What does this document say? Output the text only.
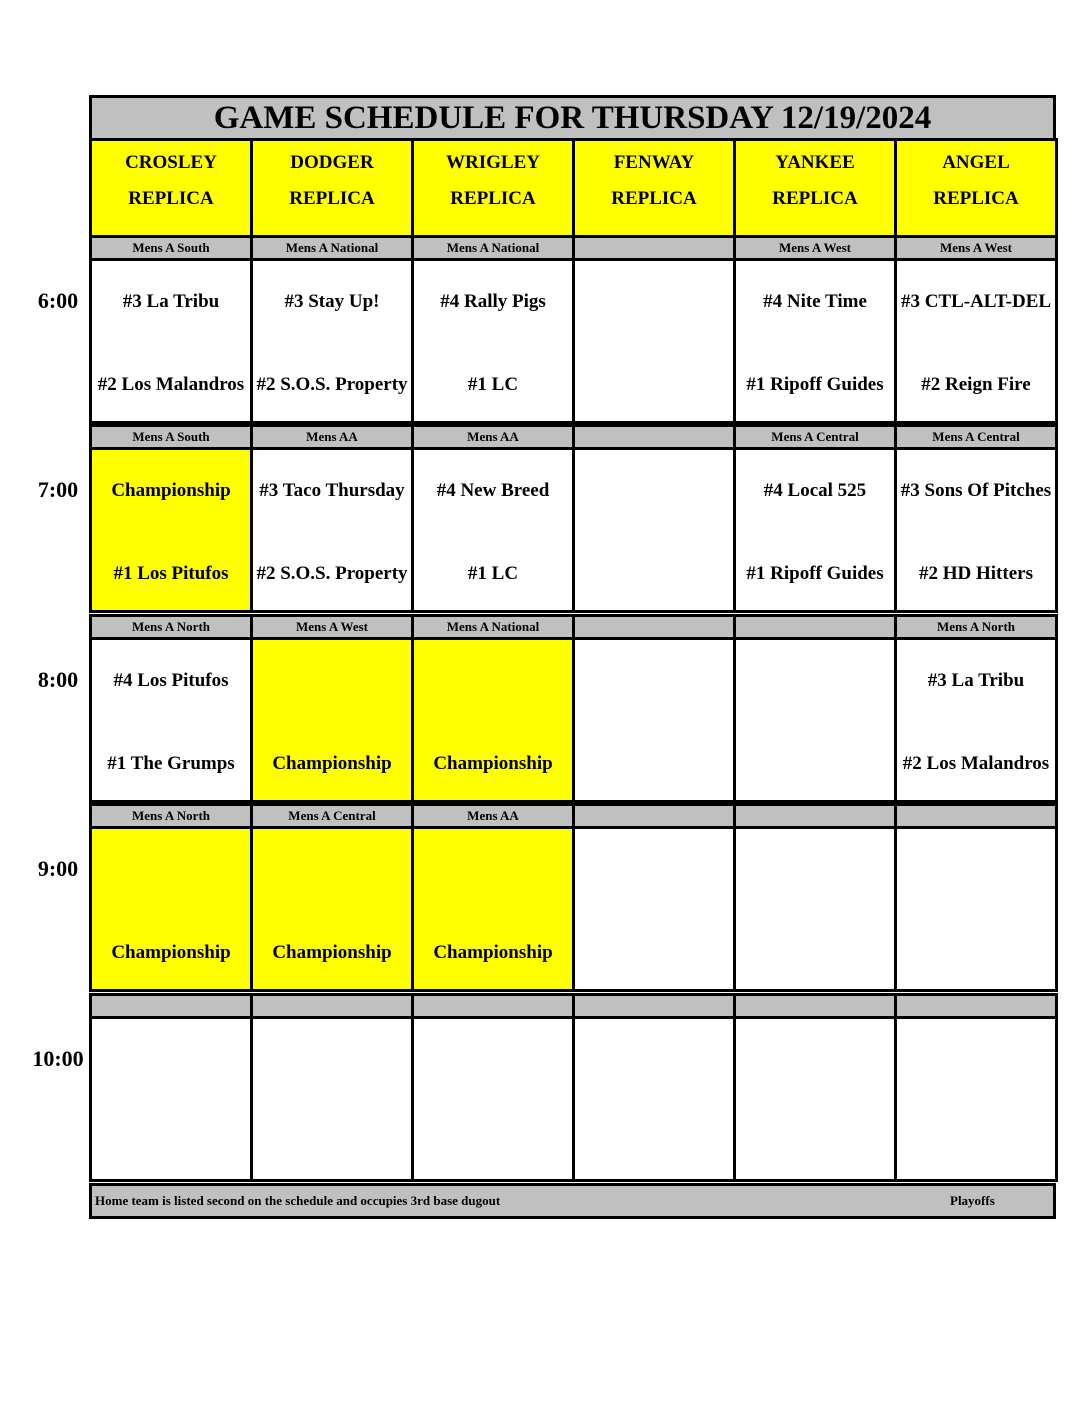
GAME SCHEDULE FOR THURSDAY 12/19/2024
CROSLEY
REPLICA
DODGER
REPLICA
WRIGLEY
REPLICA
FENWAY
REPLICA
YANKEE
REPLICA
ANGEL
REPLICA
6:00
Mens A South
#3 La Tribu
#2 Los Malandros
Mens A National
#3 Stay Up!
#2 S.O.S. Property
Mens A National
#4 Rally Pigs
#1 LC
Mens A West
#4 Nite Time
#1 Ripoff Guides
Mens A West
#3 CTL-ALT-DEL
#2 Reign Fire
7:00
Mens A South
Championship
#1 Los Pitufos
Mens AA
#3 Taco Thursday
#2 S.O.S. Property
Mens AA
#4 New Breed
#1 LC
Mens A Central
#4 Local 525
#1 Ripoff Guides
Mens A Central
#3 Sons Of Pitches
#2 HD Hitters
8:00
Mens A North
#4 Los Pitufos
#1 The Grumps
Mens A West
Championship
Mens A National
Championship
Mens A North
#3 La Tribu
#2 Los Malandros
9:00
Mens A North
Championship
Mens A Central
Championship
Mens AA
Championship
10:00
Home team is listed second on the schedule and occupies 3rd base dugout	Playoffs
